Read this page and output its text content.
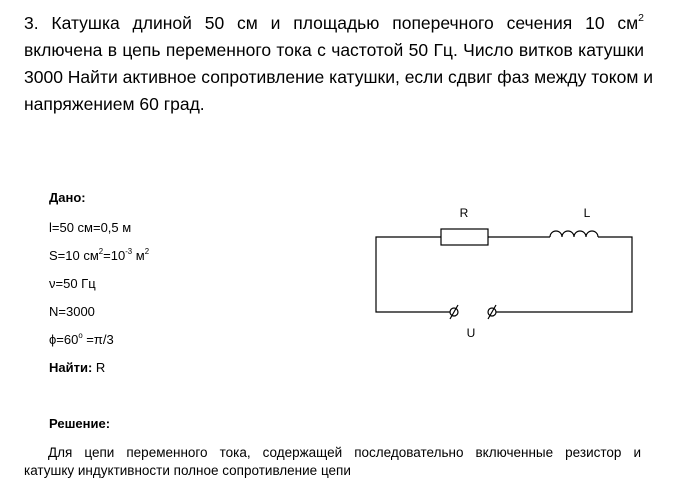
3. Катушка длиной 50 см и площадью поперечного сечения 10 $см^2$
включена в цепь переменного тока с частотой 50 Гц. Число витков катушки
3000 Найти активное сопротивление катушки, если сдвиг фаз между током и
напряжением 60 град.
Дано:
l=50 см=0,5 м
S=10 $см^2=10^{-3}$ $м^2$
ν=50 Гц
N=3000
$\phi=60^o =\pi/3$
Найти: R
R	L
U
Решение:
Для цепи переменного тока, содержащей последовательно включенные резистор и
катушку индуктивности полное сопротивление цепи
